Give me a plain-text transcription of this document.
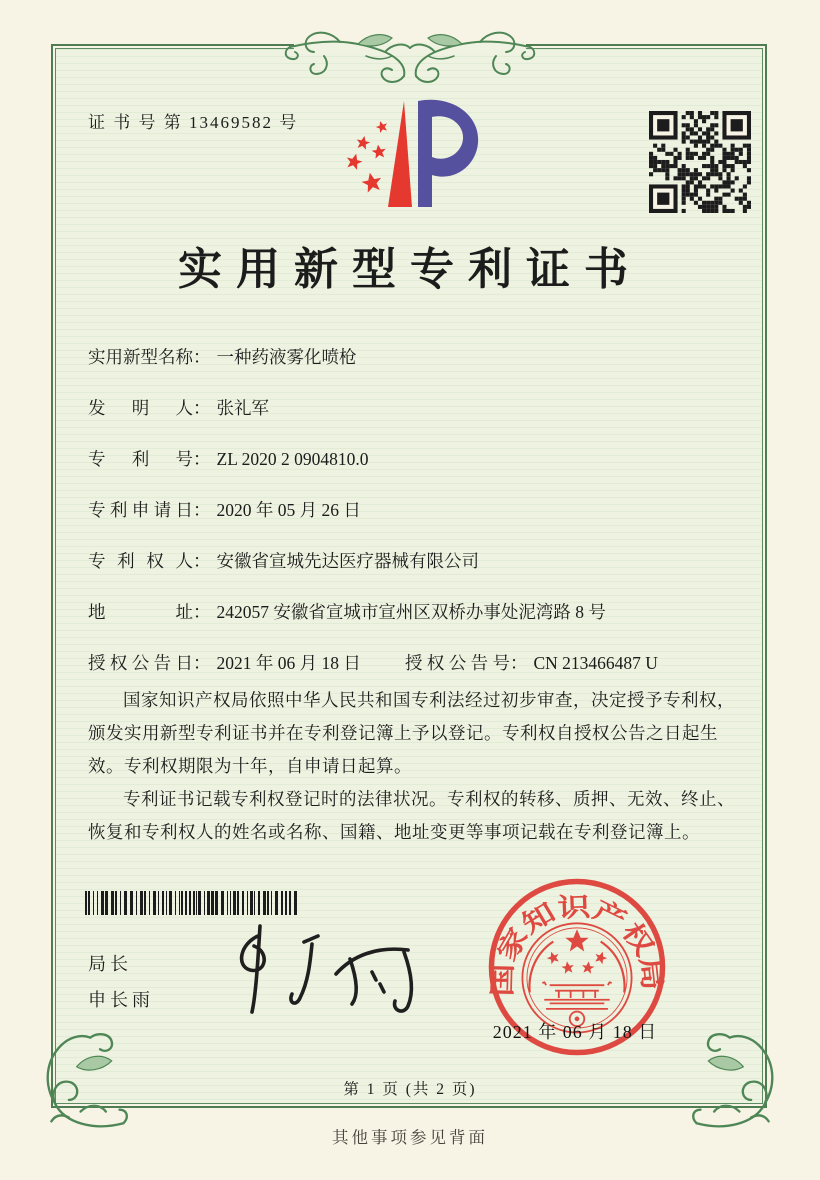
证 书 号 第 13469582 号
实用新型专利证书
实用新型名称： 一种药液雾化喷枪
发明人： 张礼军
专利号： ZL 2020 2 0904810.0
专利申请日： 2020 年 05 月 26 日
专利权人： 安徽省宣城先达医疗器械有限公司
地址： 242057 安徽省宣城市宣州区双桥办事处泥湾路 8 号
授权公告日： 2021 年 06 月 18 日	授权公告号： CN 213466487 U

国家知识产权局依照中华人民共和国专利法经过初步审查，决定授予专利权，颁发实用新型专利证书并在专利登记簿上予以登记。专利权自授权公告之日起生效。专利权期限为十年，自申请日起算。

专利证书记载专利权登记时的法律状况。专利权的转移、质押、无效、终止、恢复和专利权人的姓名或名称、国籍、地址变更等事项记载在专利登记簿上。

局长
申长雨
国家知识产权局
2021 年 06 月 18 日
第 1 页 (共 2 页)
其他事项参见背面
